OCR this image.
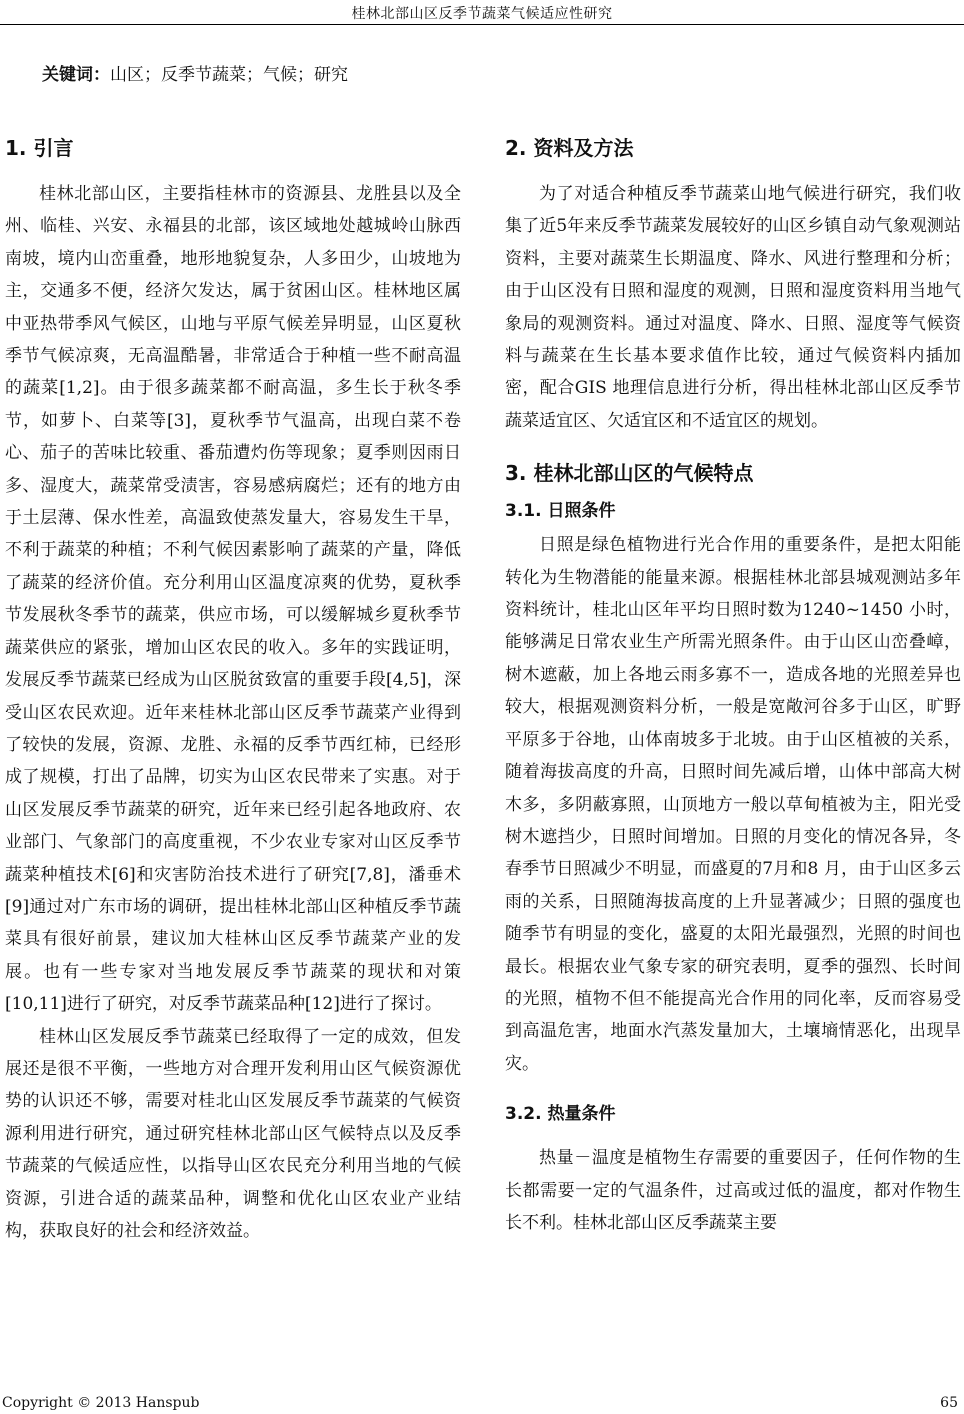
桂林北部山区反季节蔬菜气候适应性研究
关键词：山区；反季节蔬菜；气候；研究
1. 引言

桂林北部山区，主要指桂林市的资源县、龙胜县以及全州、临桂、兴安、永福县的北部，该区域地处越城岭山脉西南坡，境内山峦重叠，地形地貌复杂，人多田少，山坡地为主，交通多不便，经济欠发达，属于贫困山区。桂林地区属中亚热带季风气候区，山地与平原气候差异明显，山区夏秋季节气候凉爽，无高温酷暑，非常适合于种植一些不耐高温的蔬菜[1,2]。由于很多蔬菜都不耐高温，多生长于秋冬季节，如萝卜、白菜等[3]，夏秋季节气温高，出现白菜不卷心、茄子的苦味比较重、番茄遭灼伤等现象；夏季则因雨日多、湿度大，蔬菜常受渍害，容易感病腐烂；还有的地方由于土层薄、保水性差，高温致使蒸发量大，容易发生干旱，不利于蔬菜的种植；不利气候因素影响了蔬菜的产量，降低了蔬菜的经济价值。充分利用山区温度凉爽的优势，夏秋季节发展秋冬季节的蔬菜，供应市场，可以缓解城乡夏秋季节蔬菜供应的紧张，增加山区农民的收入。多年的实践证明，发展反季节蔬菜已经成为山区脱贫致富的重要手段[4,5]，深受山区农民欢迎。近年来桂林北部山区反季节蔬菜产业得到了较快的发展，资源、龙胜、永福的反季节西红柿，已经形成了规模，打出了品牌，切实为山区农民带来了实惠。对于山区发展反季节蔬菜的研究，近年来已经引起各地政府、农业部门、气象部门的高度重视，不少农业专家对山区反季节蔬菜种植技术[6]和灾害防治技术进行了研究[7,8]，潘垂术[9]通过对广东市场的调研，提出桂林北部山区种植反季节蔬菜具有很好前景，建议加大桂林山区反季节蔬菜产业的发展。也有一些专家对当地发展反季节蔬菜的现状和对策[10,11]进行了研究，对反季节蔬菜品种[12]进行了探讨。

桂林山区发展反季节蔬菜已经取得了一定的成效，但发展还是很不平衡，一些地方对合理开发利用山区气候资源优势的认识还不够，需要对桂北山区发展反季节蔬菜的气候资源利用进行研究，通过研究桂林北部山区气候特点以及反季节蔬菜的气候适应性，以指导山区农民充分利用当地的气候资源，引进合适的蔬菜品种，调整和优化山区农业产业结构，获取良好的社会和经济效益。

2. 资料及方法

为了对适合种植反季节蔬菜山地气候进行研究，我们收集了近5年来反季节蔬菜发展较好的山区乡镇自动气象观测站资料，主要对蔬菜生长期温度、降水、风进行整理和分析；由于山区没有日照和湿度的观测，日照和湿度资料用当地气象局的观测资料。通过对温度、降水、日照、湿度等气候资料与蔬菜在生长基本要求值作比较，通过气候资料内插加密，配合GIS 地理信息进行分析，得出桂林北部山区反季节蔬菜适宜区、欠适宜区和不适宜区的规划。

3. 桂林北部山区的气候特点
3.1. 日照条件

日照是绿色植物进行光合作用的重要条件，是把太阳能转化为生物潜能的能量来源。根据桂林北部县城观测站多年资料统计，桂北山区年平均日照时数为1240~1450 小时，能够满足日常农业生产所需光照条件。由于山区山峦叠嶂，树木遮蔽，加上各地云雨多寡不一，造成各地的光照差异也较大，根据观测资料分析，一般是宽敞河谷多于山区，旷野平原多于谷地，山体南坡多于北坡。由于山区植被的关系，随着海拔高度的升高，日照时间先减后增，山体中部高大树木多，多阴蔽寡照，山顶地方一般以草甸植被为主，阳光受树木遮挡少，日照时间增加。日照的月变化的情况各异，冬春季节日照减少不明显，而盛夏的7月和8 月，由于山区多云雨的关系，日照随海拔高度的上升显著减少；日照的强度也随季节有明显的变化，盛夏的太阳光最强烈，光照的时间也最长。根据农业气象专家的研究表明，夏季的强烈、长时间的光照，植物不但不能提高光合作用的同化率，反而容易受到高温危害，地面水汽蒸发量加大，土壤墒情恶化，出现旱灾。

3.2. 热量条件

热量－温度是植物生存需要的重要因子，任何作物的生长都需要一定的气温条件，过高或过低的温度，都对作物生长不利。桂林北部山区反季蔬菜主要

Copyright © 2013 Hanspub	65
